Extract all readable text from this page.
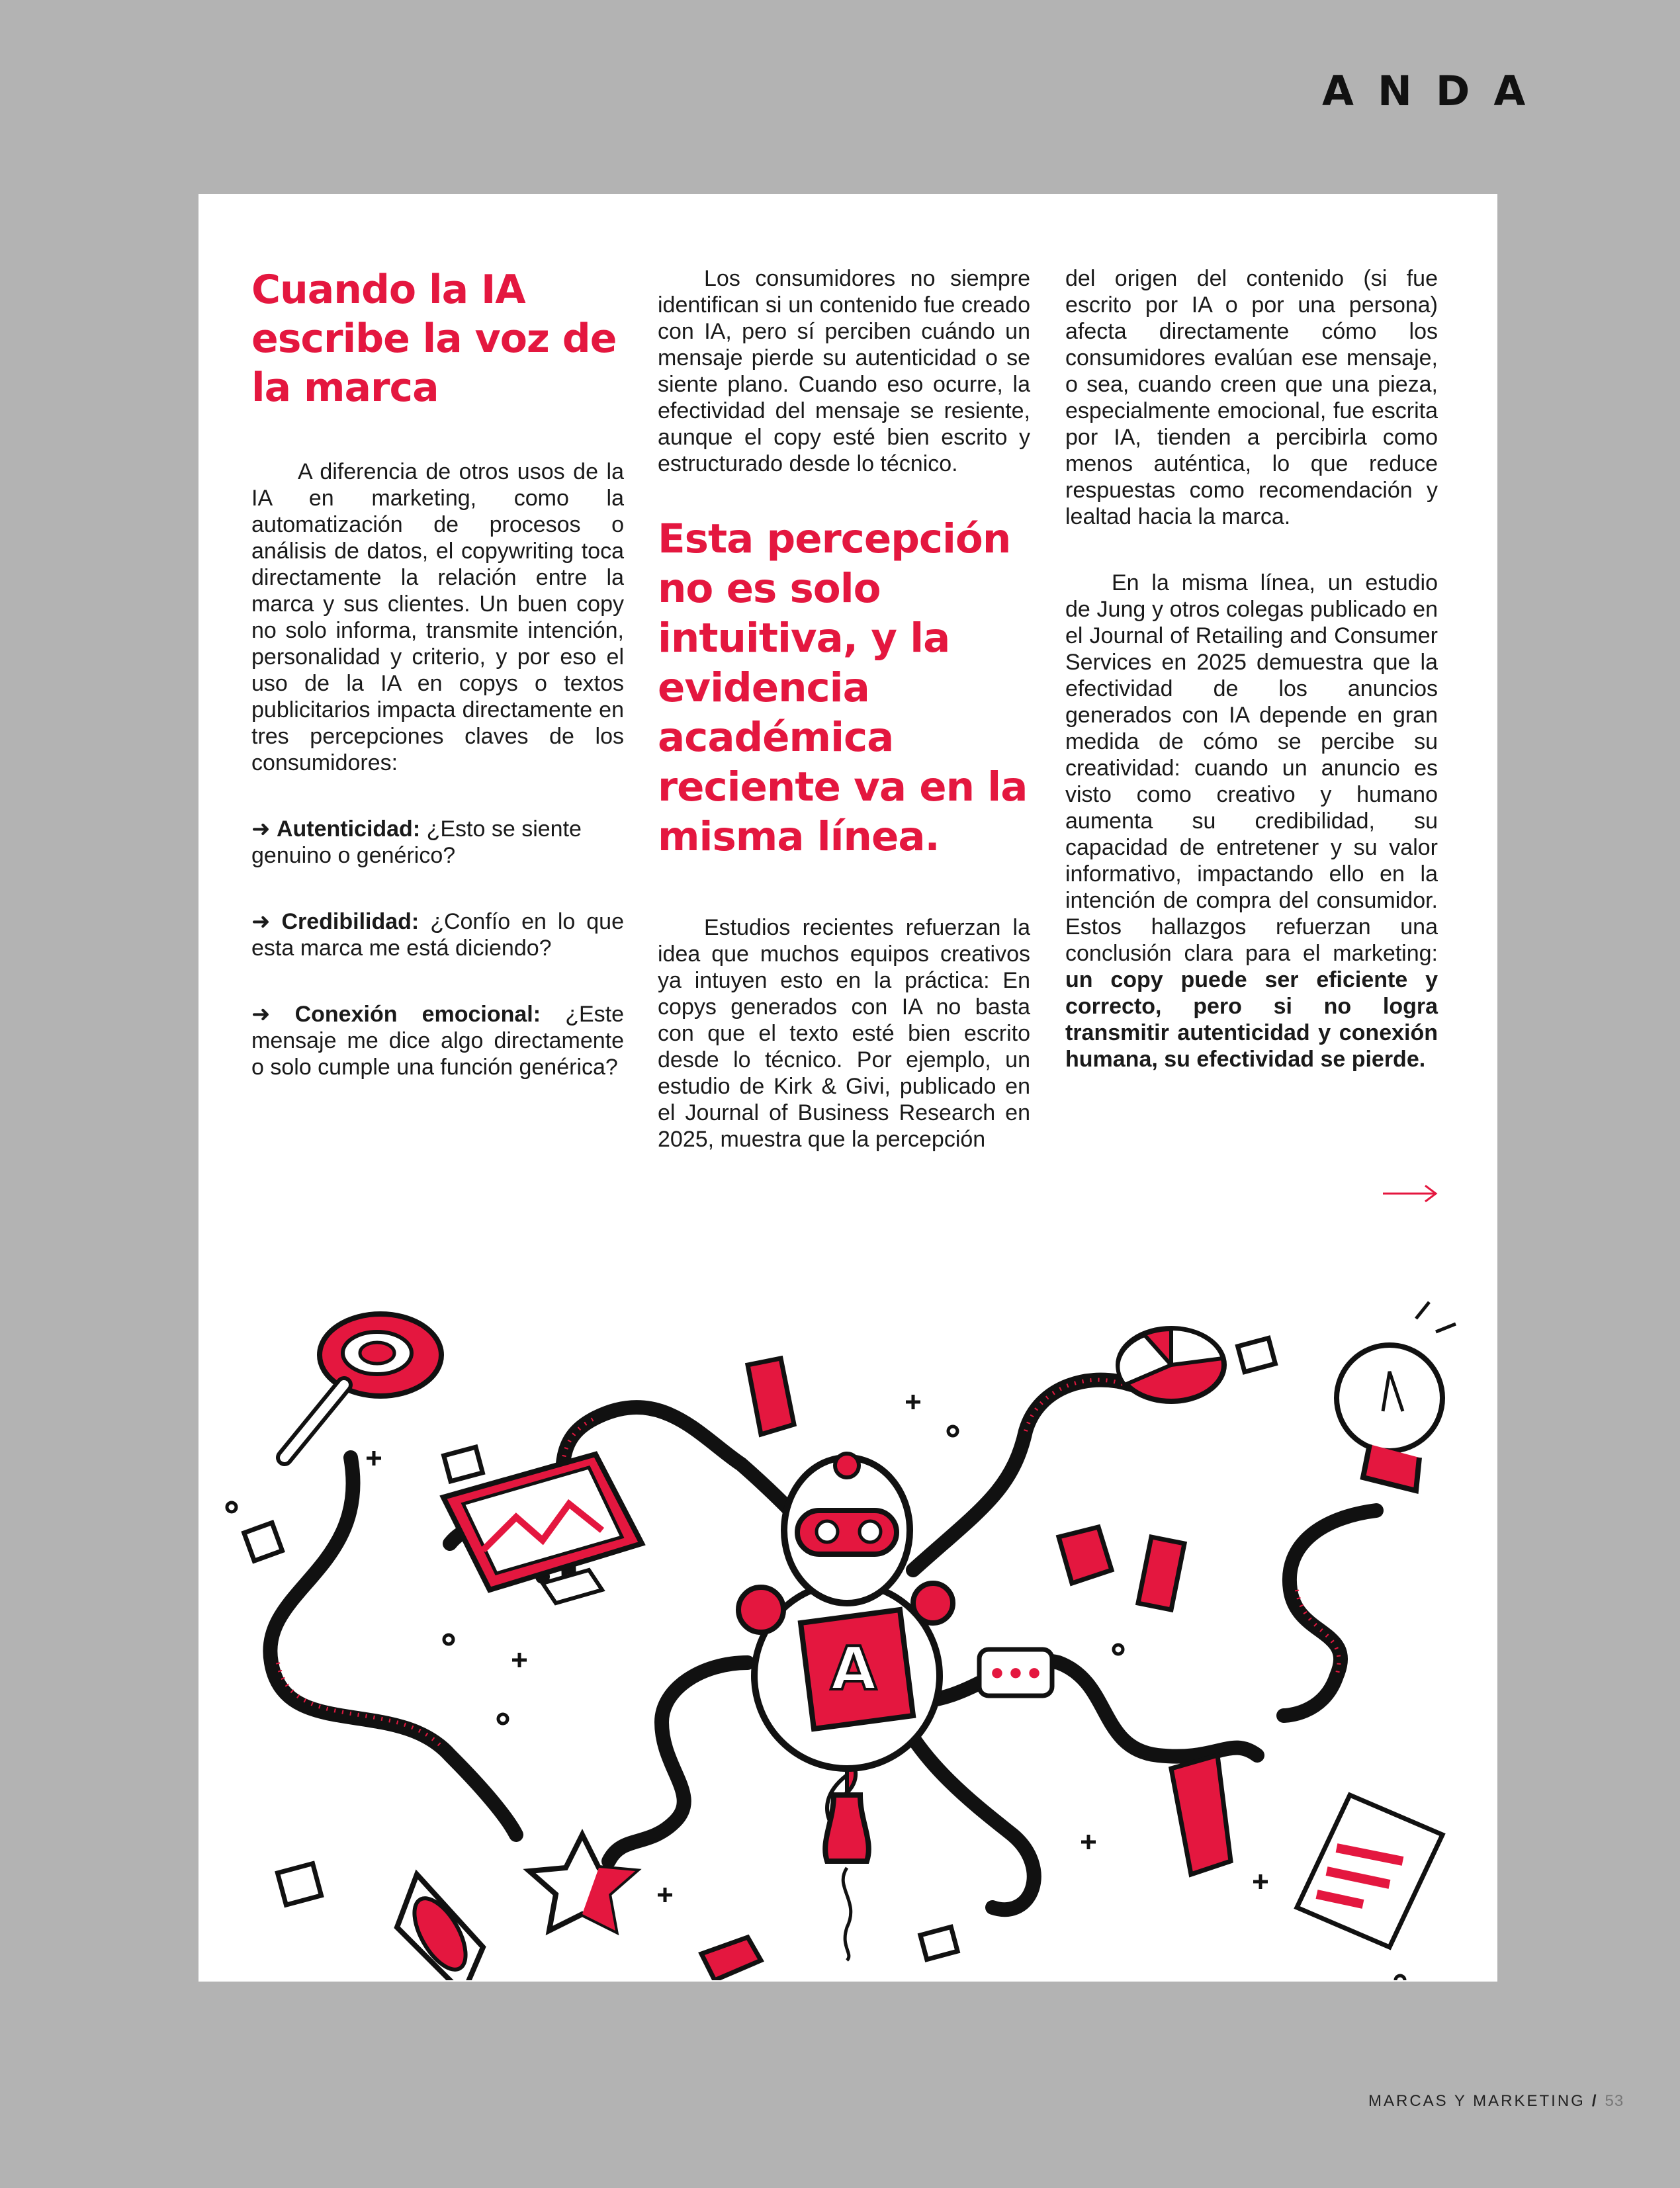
ANDA
Cuando la IA escribe la voz de la marca

A diferencia de otros usos de la IA en marketing, como la automatización de procesos o análisis de datos, el copywriting toca directamente la relación entre la marca y sus clientes. Un buen copy no solo informa, transmite intención, personalidad y criterio, y por eso el uso de la IA en copys o textos publicitarios impacta directamente en tres percepciones claves de los consumidores:

➜ Autenticidad: ¿Esto se siente genuino o genérico?

➜ Credibilidad: ¿Confío en lo que esta marca me está diciendo?

➜ Conexión emocional: ¿Este mensaje me dice algo directamente o solo cumple una función genérica?

Los consumidores no siempre identifican si un contenido fue creado con IA, pero sí perciben cuándo un mensaje pierde su autenticidad o se siente plano. Cuando eso ocurre, la efectividad del mensaje se resiente, aunque el copy esté bien escrito y estructurado desde lo técnico.

Esta percepción no es solo intuitiva, y la evidencia académica reciente va en la misma línea.

Estudios recientes refuerzan la idea que muchos equipos creativos ya intuyen esto en la práctica: En copys generados con IA no basta con que el texto esté bien escrito desde lo técnico. Por ejemplo, un estudio de Kirk & Givi, publicado en el Journal of Business Research en 2025, muestra que la percepción

del origen del contenido (si fue escrito por IA o por una persona) afecta directamente cómo los consumidores evalúan ese mensaje, o sea, cuando creen que una pieza, especialmente emocional, fue escrita por IA, tienden a percibirla como menos auténtica, lo que reduce respuestas como recomendación y lealtad hacia la marca.

En la misma línea, un estudio de Jung y otros colegas publicado en el Journal of Retailing and Consumer Services en 2025 demuestra que la efectividad de los anuncios generados con IA depende en gran medida de cómo se percibe su creatividad: cuando un anuncio es visto como creativo y humano aumenta su credibilidad, su capacidad de entretener y su valor informativo, impactando ello en la intención de compra del consumidor. Estos hallazgos refuerzan una conclusión clara para el marketing: un copy puede ser eficiente y correcto, pero si no logra transmitir autenticidad y conexión humana, su efectividad se pierde.

A	•••
MARCAS Y MARKETING / 53
